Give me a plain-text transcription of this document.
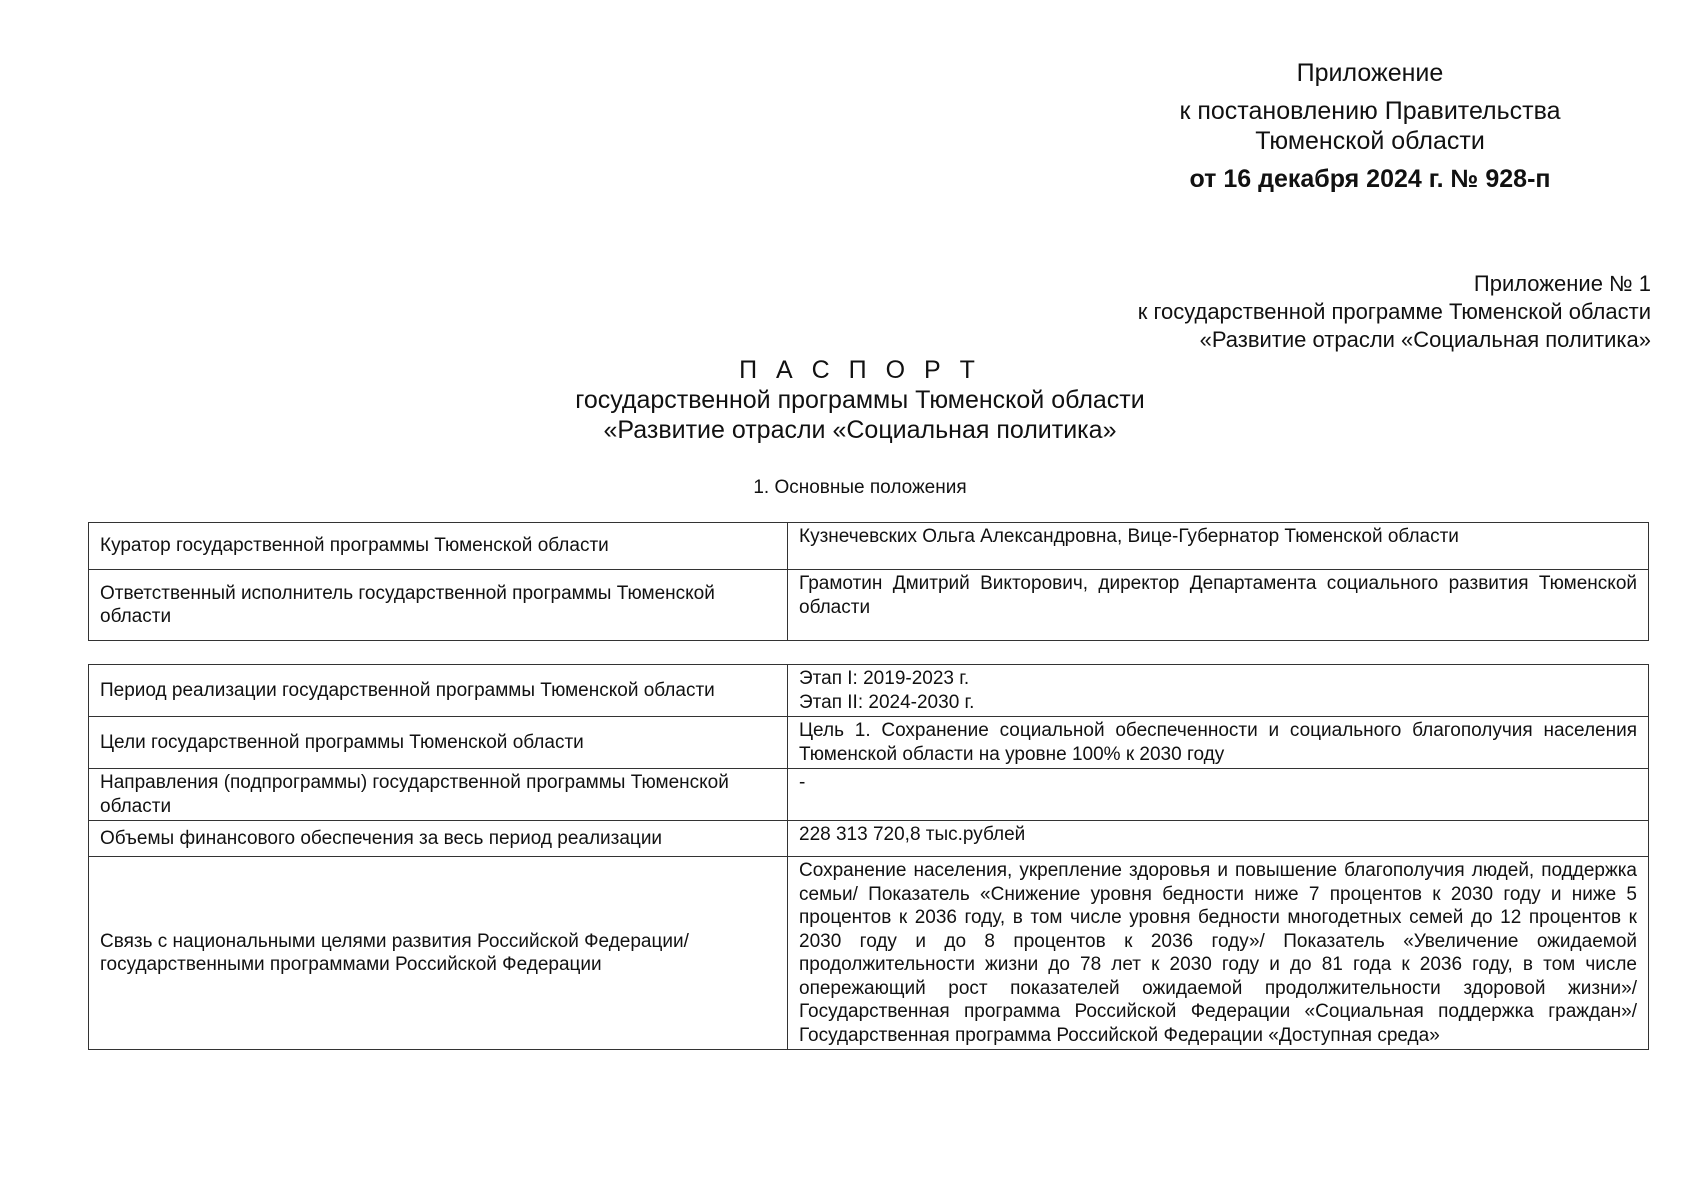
Приложение
к постановлению Правительства
Тюменской области
от 16 декабря 2024 г. № 928-п
Приложение № 1
к государственной программе Тюменской области
«Развитие отрасли «Социальная политика»
П А С П О Р Т
государственной программы Тюменской области
«Развитие отрасли «Социальная политика»
1. Основные положения
Куратор государственной программы Тюменской области	Кузнечевских Ольга Александровна, Вице-Губернатор Тюменской области
Ответственный исполнитель государственной программы Тюменской области	Грамотин Дмитрий Викторович, директор Департамента социального развития Тюменской области
Период реализации государственной программы Тюменской области	Этап I: 2019-2023 г.
Этап II: 2024-2030 г.

Цели государственной программы Тюменской области	Цель 1. Сохранение социальной обеспеченности и социального благополучия населения Тюменской области на уровне 100% к 2030 году
Направления (подпрограммы) государственной программы Тюменской области	-
Объемы финансового обеспечения за весь период реализации	228 313 720,8 тыс.рублей

Связь с национальными целями развития Российской Федерации/
государственными программами Российской Федерации	Сохранение населения, укрепление здоровья и повышение благополучия людей, поддержка семьи/ Показатель «Снижение уровня бедности ниже 7 процентов к 2030 году и ниже 5 процентов к 2036 году, в том числе уровня бедности многодетных семей до 12 процентов к 2030 году и до 8 процентов к 2036 году»/ Показатель «Увеличение ожидаемой продолжительности жизни до 78 лет к 2030 году и до 81 года к 2036 году, в том числе опережающий рост показателей ожидаемой продолжительности здоровой жизни»/Государственная программа Российской Федерации «Социальная поддержка граждан»/Государственная программа Российской Федерации «Доступная среда»
